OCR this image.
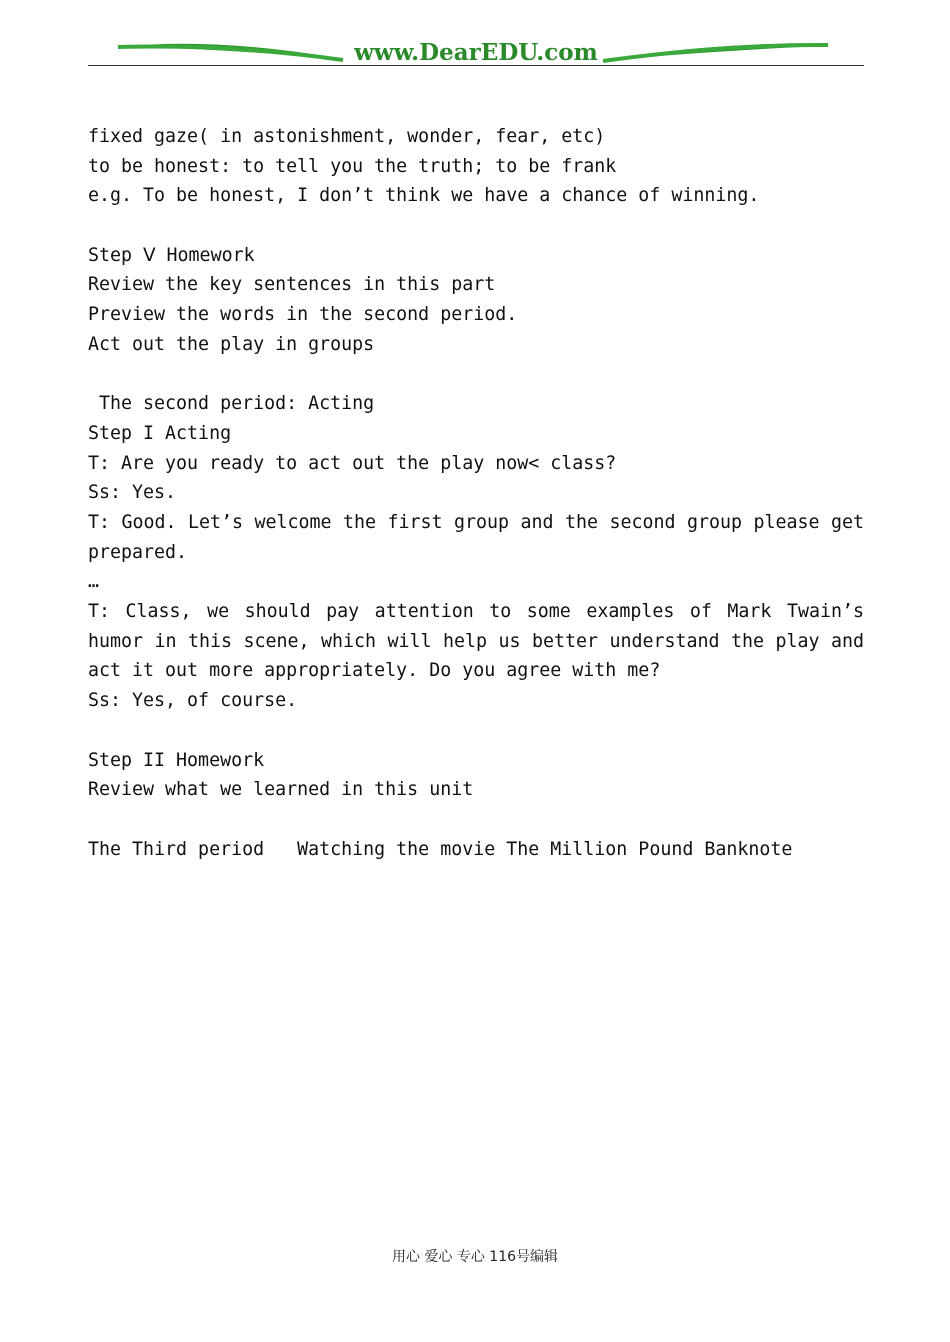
www.DearEDU.com
fixed gaze( in astonishment, wonder, fear, etc)
to be honest: to tell you the truth; to be frank
e.g. To be honest, I don’t think we have a chance of winning.
Step Ⅴ Homework
Review the key sentences in this part
Preview the words in the second period.
Act out the play in groups
The second period: Acting
Step I Acting
T: Are you ready to act out the play now< class?
Ss: Yes.
T: Good. Let’s welcome the first group and the second group please get prepared.
…
T: Class, we should pay attention to some examples of Mark Twain’s humor in this scene, which will help us better understand the play and act it out more appropriately. Do you agree with me?
Ss: Yes, of course.
Step II Homework
Review what we learned in this unit
The Third period   Watching the movie The Million Pound Banknote
用心 爱心 专心 116号编辑
